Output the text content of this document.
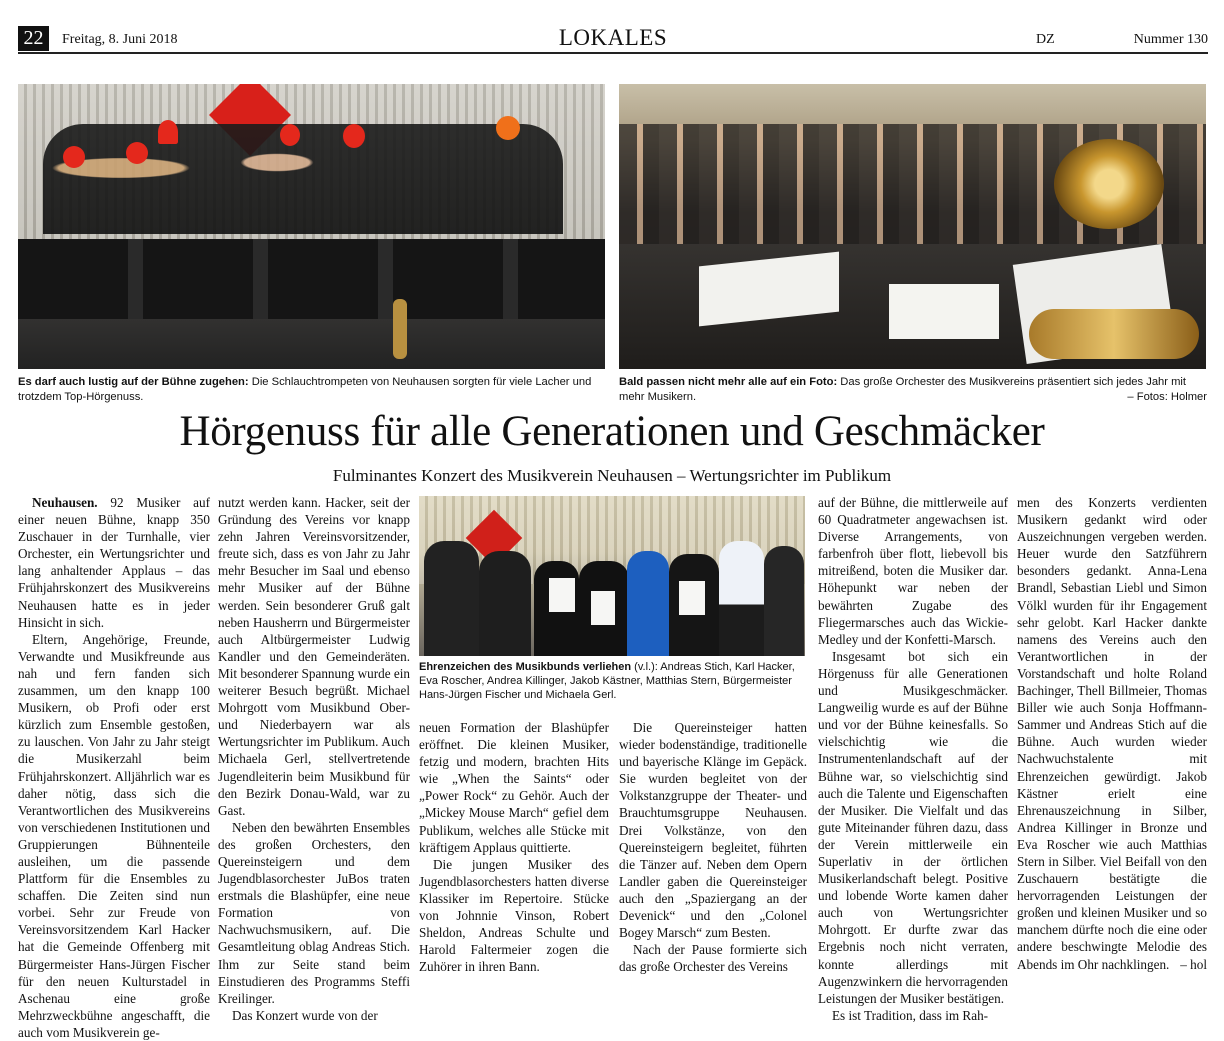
22	Freitag, 8. Juni 2018	LOKALES	DZ	Nummer 130
Es darf auch lustig auf der Bühne zugehen: Die Schlauchtrompeten von Neuhausen sorgten für viele Lacher und trotzdem Top-Hörgenuss.
Bald passen nicht mehr alle auf ein Foto: Das große Orchester des Musikvereins präsentiert sich jedes Jahr mit mehr Musikern.	– Fotos: Holmer
Hörgenuss für alle Generationen und Geschmäcker
Fulminantes Konzert des Musikverein Neuhausen – Wertungsrichter im Publikum
Ehrenzeichen des Musikbunds verliehen (v.l.): Andreas Stich, Karl Hacker, Eva Roscher, Andrea Killinger, Jakob Kästner, Matthias Stern, Bürgermeister Hans-Jürgen Fischer und Michaela Gerl.

Neuhausen. 92 Musiker auf einer neuen Bühne, knapp 350 Zuschauer in der Turnhalle, vier Orchester, ein Wertungsrichter und lang anhaltender Applaus – das Frühjahrskonzert des Musikvereins Neuhausen hatte es in jeder Hinsicht in sich.

Eltern, Angehörige, Freunde, Verwandte und Musikfreunde aus nah und fern fanden sich zusammen, um den knapp 100 Musikern, ob Profi oder erst kürzlich zum Ensemble gestoßen, zu lauschen. Von Jahr zu Jahr steigt die Musikerzahl beim Frühjahrskonzert. Alljährlich war es daher nötig, dass sich die Verantwortlichen des Musikvereins von verschiedenen Institutionen und Gruppierungen Bühnenteile ausleihen, um die passende Plattform für die Ensembles zu schaffen. Die Zeiten sind nun vorbei. Sehr zur Freude von Vereinsvorsitzendem Karl Hacker hat die Gemeinde Offenberg mit Bürgermeister Hans-Jürgen Fischer für den neuen Kulturstadel in Aschenau eine große Mehrzweckbühne angeschafft, die auch vom Musikverein ge-

nutzt werden kann. Hacker, seit der Gründung des Vereins vor knapp zehn Jahren Vereinsvorsitzender, freute sich, dass es von Jahr zu Jahr mehr Besucher im Saal und ebenso mehr Musiker auf der Bühne werden. Sein besonderer Gruß galt neben Hausherrn und Bürgermeister auch Altbürgermeister Ludwig Kandler und den Gemeinderäten. Mit besonderer Spannung wurde ein weiterer Besuch begrüßt. Michael Mohrgott vom Musikbund Ober- und Niederbayern war als Wertungsrichter im Publikum. Auch Michaela Gerl, stellvertretende Jugendleiterin beim Musikbund für den Bezirk Donau-Wald, war zu Gast.

Neben den bewährten Ensembles des großen Orchesters, den Quereinsteigern und dem Jugendblasorchester JuBos traten erstmals die Blashüpfer, eine neue Formation von Nachwuchsmusikern, auf. Die Gesamtleitung oblag Andreas Stich. Ihm zur Seite stand beim Einstudieren des Programms Steffi Kreilinger.

Das Konzert wurde von der

neuen Formation der Blashüpfer eröffnet. Die kleinen Musiker, fetzig und modern, brachten Hits wie „When the Saints“ oder „Power Rock“ zu Gehör. Auch der „Mickey Mouse March“ gefiel dem Publikum, welches alle Stücke mit kräftigem Applaus quittierte.

Die jungen Musiker des Jugendblasorchesters hatten diverse Klassiker im Repertoire. Stücke von Johnnie Vinson, Robert Sheldon, Andreas Schulte und Harold Faltermeier zogen die Zuhörer in ihren Bann.

Die Quereinsteiger hatten wieder bodenständige, traditionelle und bayerische Klänge im Gepäck. Sie wurden begleitet von der Volkstanzgruppe der Theater- und Brauchtumsgruppe Neuhausen. Drei Volkstänze, von den Quereinsteigern begleitet, führten die Tänzer auf. Neben dem Opern Landler gaben die Quereinsteiger auch den „Spaziergang an der Devenick“ und den „Colonel Bogey Marsch“ zum Besten.

Nach der Pause formierte sich das große Orchester des Vereins

auf der Bühne, die mittlerweile auf 60 Quadratmeter angewachsen ist. Diverse Arrangements, von farbenfroh über flott, liebevoll bis mitreißend, boten die Musiker dar. Höhepunkt war neben der bewährten Zugabe des Fliegermarsches auch das Wickie-Medley und der Konfetti-Marsch.

Insgesamt bot sich ein Hörgenuss für alle Generationen und Musikgeschmäcker. Langweilig wurde es auf der Bühne und vor der Bühne keinesfalls. So vielschichtig wie die Instrumentenlandschaft auf der Bühne war, so vielschichtig sind auch die Talente und Eigenschaften der Musiker. Die Vielfalt und das gute Miteinander führen dazu, dass der Verein mittlerweile ein Superlativ in der örtlichen Musikerlandschaft belegt. Positive und lobende Worte kamen daher auch von Wertungsrichter Mohrgott. Er durfte zwar das Ergebnis noch nicht verraten, konnte allerdings mit Augenzwinkern die hervorragenden Leistungen der Musiker bestätigen.

Es ist Tradition, dass im Rah-

men des Konzerts verdienten Musikern gedankt wird oder Auszeichnungen vergeben werden. Heuer wurde den Satzführern besonders gedankt. Anna-Lena Brandl, Sebastian Liebl und Simon Völkl wurden für ihr Engagement sehr gelobt. Karl Hacker dankte namens des Vereins auch den Verantwortlichen in der Vorstandschaft und holte Roland Bachinger, Thell Billmeier, Thomas Biller wie auch Sonja Hoffmann-Sammer und Andreas Stich auf die Bühne. Auch wurden wieder Nachwuchstalente mit Ehrenzeichen gewürdigt. Jakob Kästner erielt eine Ehrenauszeichnung in Silber, Andrea Killinger in Bronze und Eva Roscher wie auch Matthias Stern in Silber. Viel Beifall von den Zuschauern bestätigte die hervorragenden Leistungen der großen und kleinen Musiker und so manchem dürfte noch die eine oder andere beschwingte Melodie des Abends im Ohr nachklingen. – hol
